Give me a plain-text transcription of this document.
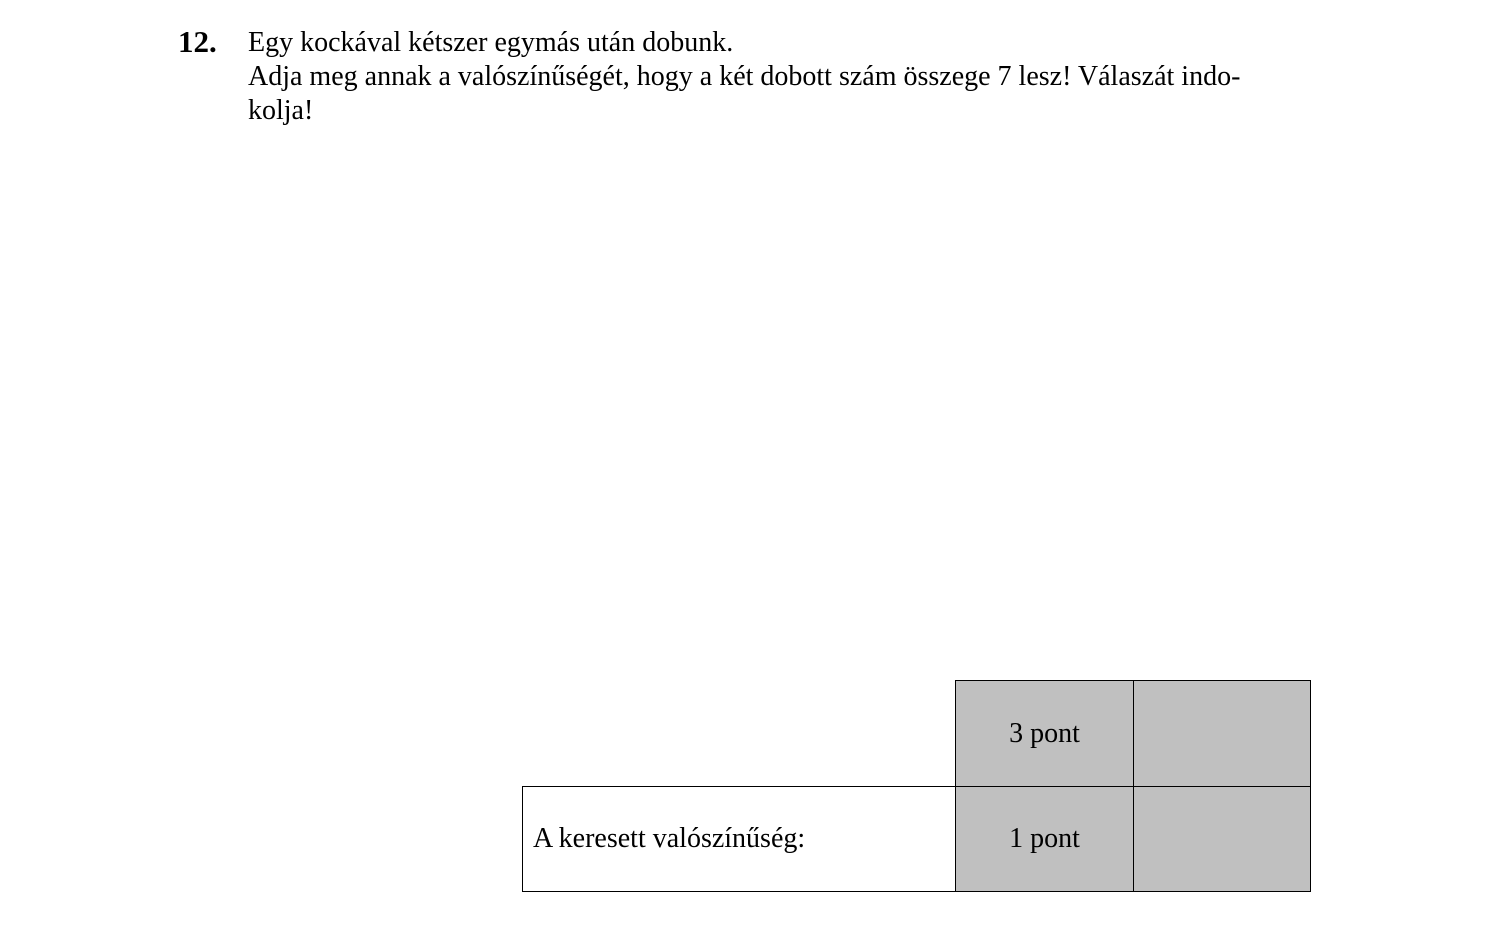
12. Egy kockával kétszer egymás után dobunk.

Adja meg annak a valószínűségét, hogy a két dobott szám összege 7 lesz! Válaszát indo-

kolja!

3 pont
A keresett valószínűség:	1 pont
